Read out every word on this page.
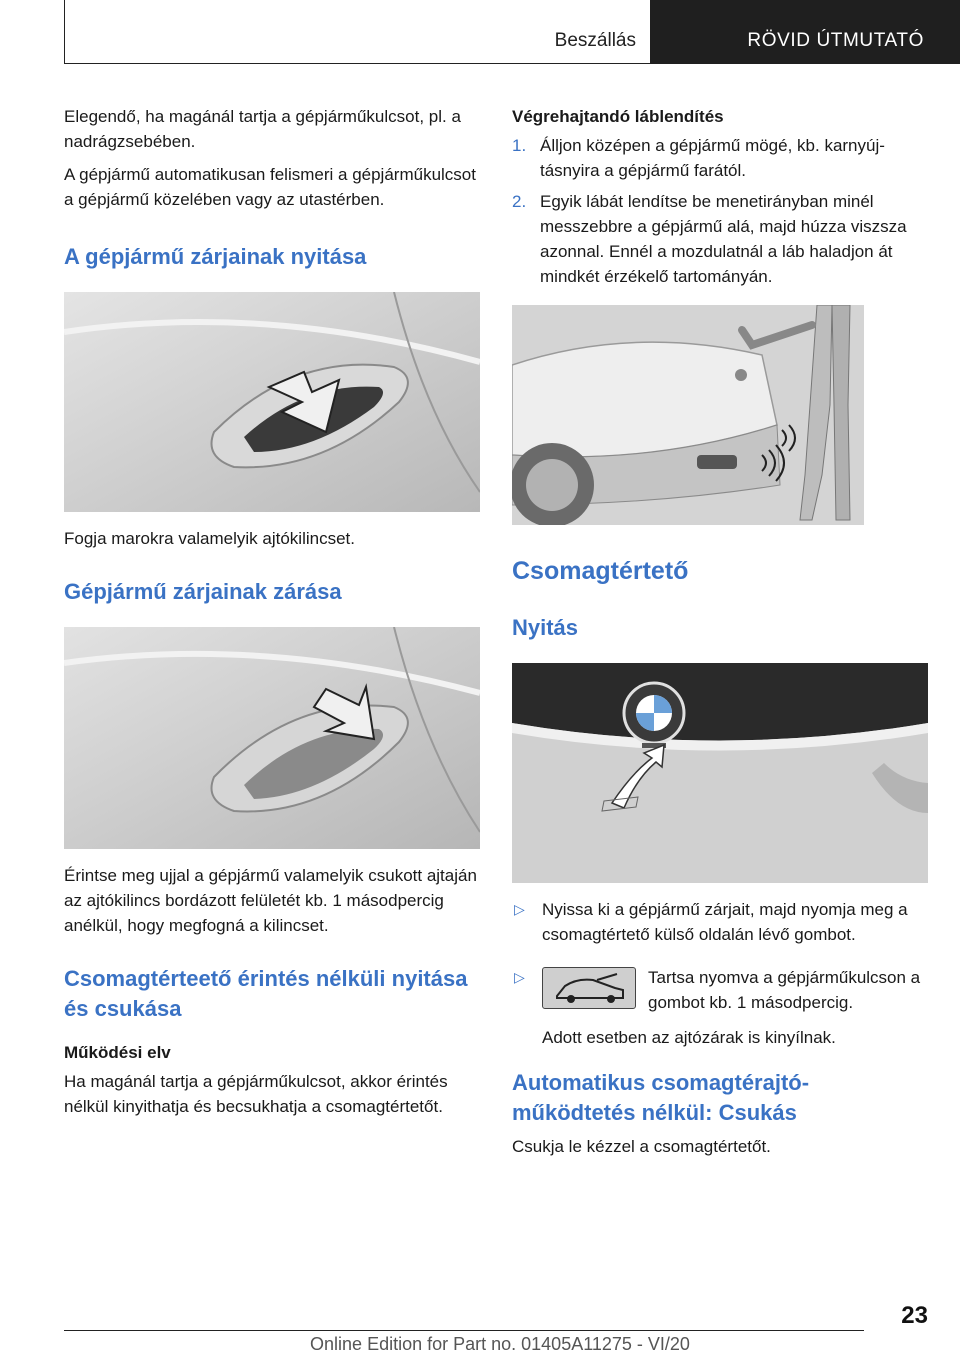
Beszállás	RÖVID ÚTMUTATÓ

Elegendő, ha magánál tartja a gépjárműkulcsot, pl. a nadrágzsebében.

A gépjármű automatikusan felismeri a gépjárműkulcsot a gépjármű közelében vagy az utastérben.

A gépjármű zárjainak nyitása

Fogja marokra valamelyik ajtókilincset.

Gépjármű zárjainak zárása

Érintse meg ujjal a gépjármű valamelyik csukott ajtaján az ajtókilincs bordázott felületét kb. 1 másodpercig anélkül, hogy megfogná a kilincset.

Csomagtérteető érintés nélküli nyitása és csukása
Működési elv

Ha magánál tartja a gépjárműkulcsot, akkor érintés nélkül kinyithatja és becsukhatja a csomagtértetőt.

Végrehajtandó láblendítés
1. Álljon középen a gépjármű mögé, kb. karnyújtásnyira a gépjármű farától.
2. Egyik lábát lendítse be menetirányban minél messzebbre a gépjármű alá, majd húzza viszsza azonnal. Ennél a mozdulatnál a láb haladjon át mindkét érzékelő tartományán.
Csomagtértető
Nyitás
▷ Nyissa ki a gépjármű zárjait, majd nyomja meg a csomagtértető külső oldalán lévő gombot.
▷	Tartsa nyomva a gépjárműkulcson a gombot kb. 1 másodpercig.

Adott esetben az ajtózárak is kinyílnak.

Automatikus csomagtérajtó-működtetés nélkül: Csukás

Csukja le kézzel a csomagtértetőt.

23
Online Edition for Part no. 01405A11275 - VI/20
